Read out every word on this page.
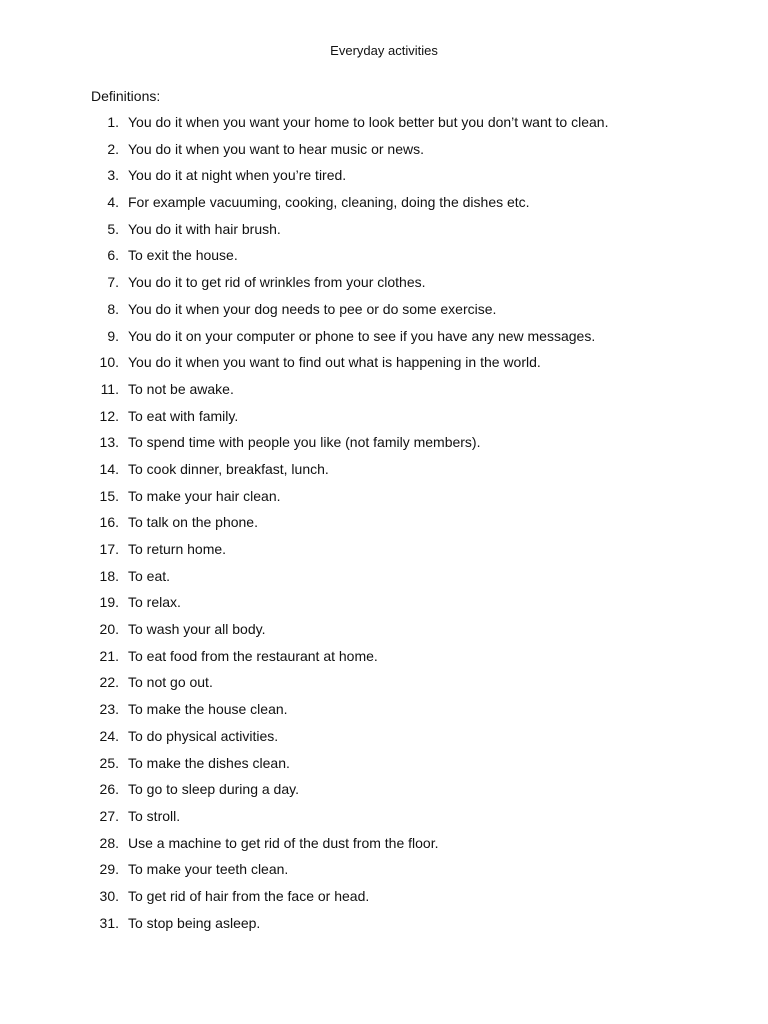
Everyday activities
Definitions:
1. You do it when you want your home to look better but you don’t want to clean.
2. You do it when you want to hear music or news.
3. You do it at night when you’re tired.
4. For example vacuuming, cooking, cleaning, doing the dishes etc.
5. You do it with hair brush.
6. To exit the house.
7. You do it to get rid of wrinkles from your clothes.
8. You do it when your dog needs to pee or do some exercise.
9. You do it on your computer or phone to see if you have any new messages.
10. You do it when you want to find out what is happening in the world.
11. To not be awake.
12. To eat with family.
13. To spend time with people you like (not family members).
14. To cook dinner, breakfast, lunch.
15. To make your hair clean.
16. To talk on the phone.
17. To return home.
18. To eat.
19. To relax.
20. To wash your all body.
21. To eat food from the restaurant at home.
22. To not go out.
23. To make the house clean.
24. To do physical activities.
25. To make the dishes clean.
26. To go to sleep during a day.
27. To stroll.
28. Use a machine to get rid of the dust from the floor.
29. To make your teeth clean.
30. To get rid of hair from the face or head.
31. To stop being asleep.
